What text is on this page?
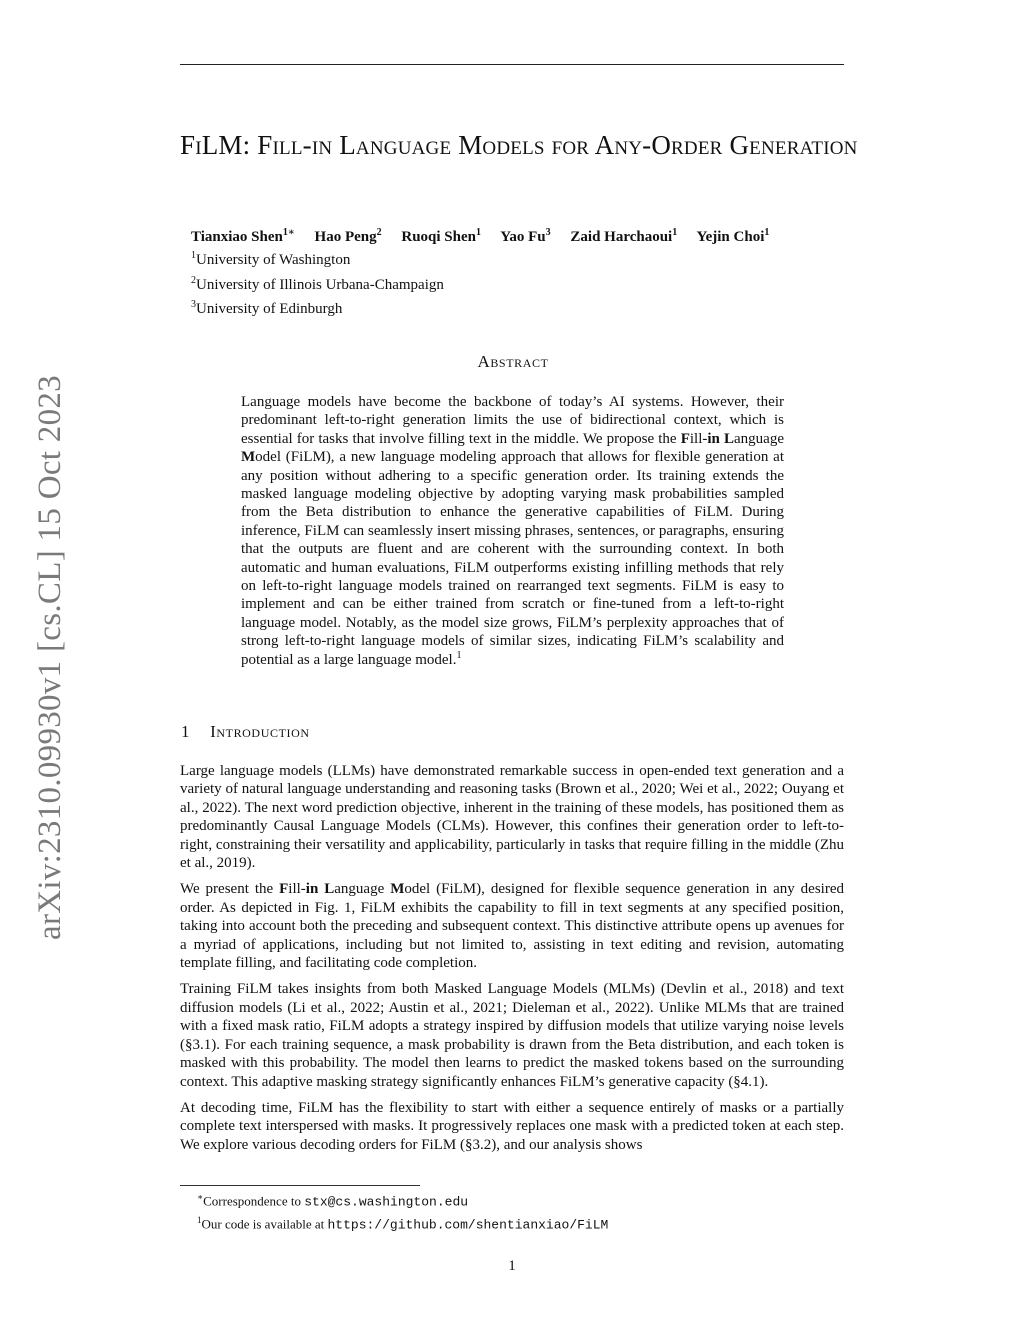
FiLM: Fill-in Language Models for Any-Order Generation
Tianxiao Shen$^{1∗}$ Hao Peng$^2$ Ruoqi Shen$^1$ Yao Fu$^3$ Zaid Harchaoui$^1$ Yejin Choi$^1$
$^1$University of Washington
$^2$University of Illinois Urbana-Champaign
$^3$University of Edinburgh
arXiv:2310.09930v1 [cs.CL] 15 Oct 2023
Abstract

Language models have become the backbone of today’s AI systems. However, their predominant left-to-right generation limits the use of bidirectional context, which is essential for tasks that involve filling text in the middle. We propose the Fill-in Language Model (FiLM), a new language modeling approach that allows for flexible generation at any position without adhering to a specific generation order. Its training extends the masked language modeling objective by adopting varying mask probabilities sampled from the Beta distribution to enhance the generative capabilities of FiLM. During inference, FiLM can seamlessly insert missing phrases, sentences, or paragraphs, ensuring that the outputs are fluent and are coherent with the surrounding context. In both automatic and human evaluations, FiLM outperforms existing infilling methods that rely on left-to-right language models trained on rearranged text segments. FiLM is easy to implement and can be either trained from scratch or fine-tuned from a left-to-right language model. Notably, as the model size grows, FiLM’s perplexity approaches that of strong left-to-right language models of similar sizes, indicating FiLM’s scalability and potential as a large language model.$^1$

1 Introduction

Large language models (LLMs) have demonstrated remarkable success in open-ended text generation and a variety of natural language understanding and reasoning tasks (Brown et al., 2020; Wei et al., 2022; Ouyang et al., 2022). The next word prediction objective, inherent in the training of these models, has positioned them as predominantly Causal Language Models (CLMs). However, this confines their generation order to left-to-right, constraining their versatility and applicability, particularly in tasks that require filling in the middle (Zhu et al., 2019).

We present the Fill-in Language Model (FiLM), designed for flexible sequence generation in any desired order. As depicted in Fig. 1, FiLM exhibits the capability to fill in text segments at any specified position, taking into account both the preceding and subsequent context. This distinctive attribute opens up avenues for a myriad of applications, including but not limited to, assisting in text editing and revision, automating template filling, and facilitating code completion.

Training FiLM takes insights from both Masked Language Models (MLMs) (Devlin et al., 2018) and text diffusion models (Li et al., 2022; Austin et al., 2021; Dieleman et al., 2022). Unlike MLMs that are trained with a fixed mask ratio, FiLM adopts a strategy inspired by diffusion models that utilize varying noise levels (§3.1). For each training sequence, a mask probability is drawn from the Beta distribution, and each token is masked with this probability. The model then learns to predict the masked tokens based on the surrounding context. This adaptive masking strategy significantly enhances FiLM’s generative capacity (§4.1).

At decoding time, FiLM has the flexibility to start with either a sequence entirely of masks or a partially complete text interspersed with masks. It progressively replaces one mask with a predicted token at each step. We explore various decoding orders for FiLM (§3.2), and our analysis shows

∗Correspondence to stx@cs.washington.edu
$^1$Our code is available at https://github.com/shentianxiao/FiLM
1
